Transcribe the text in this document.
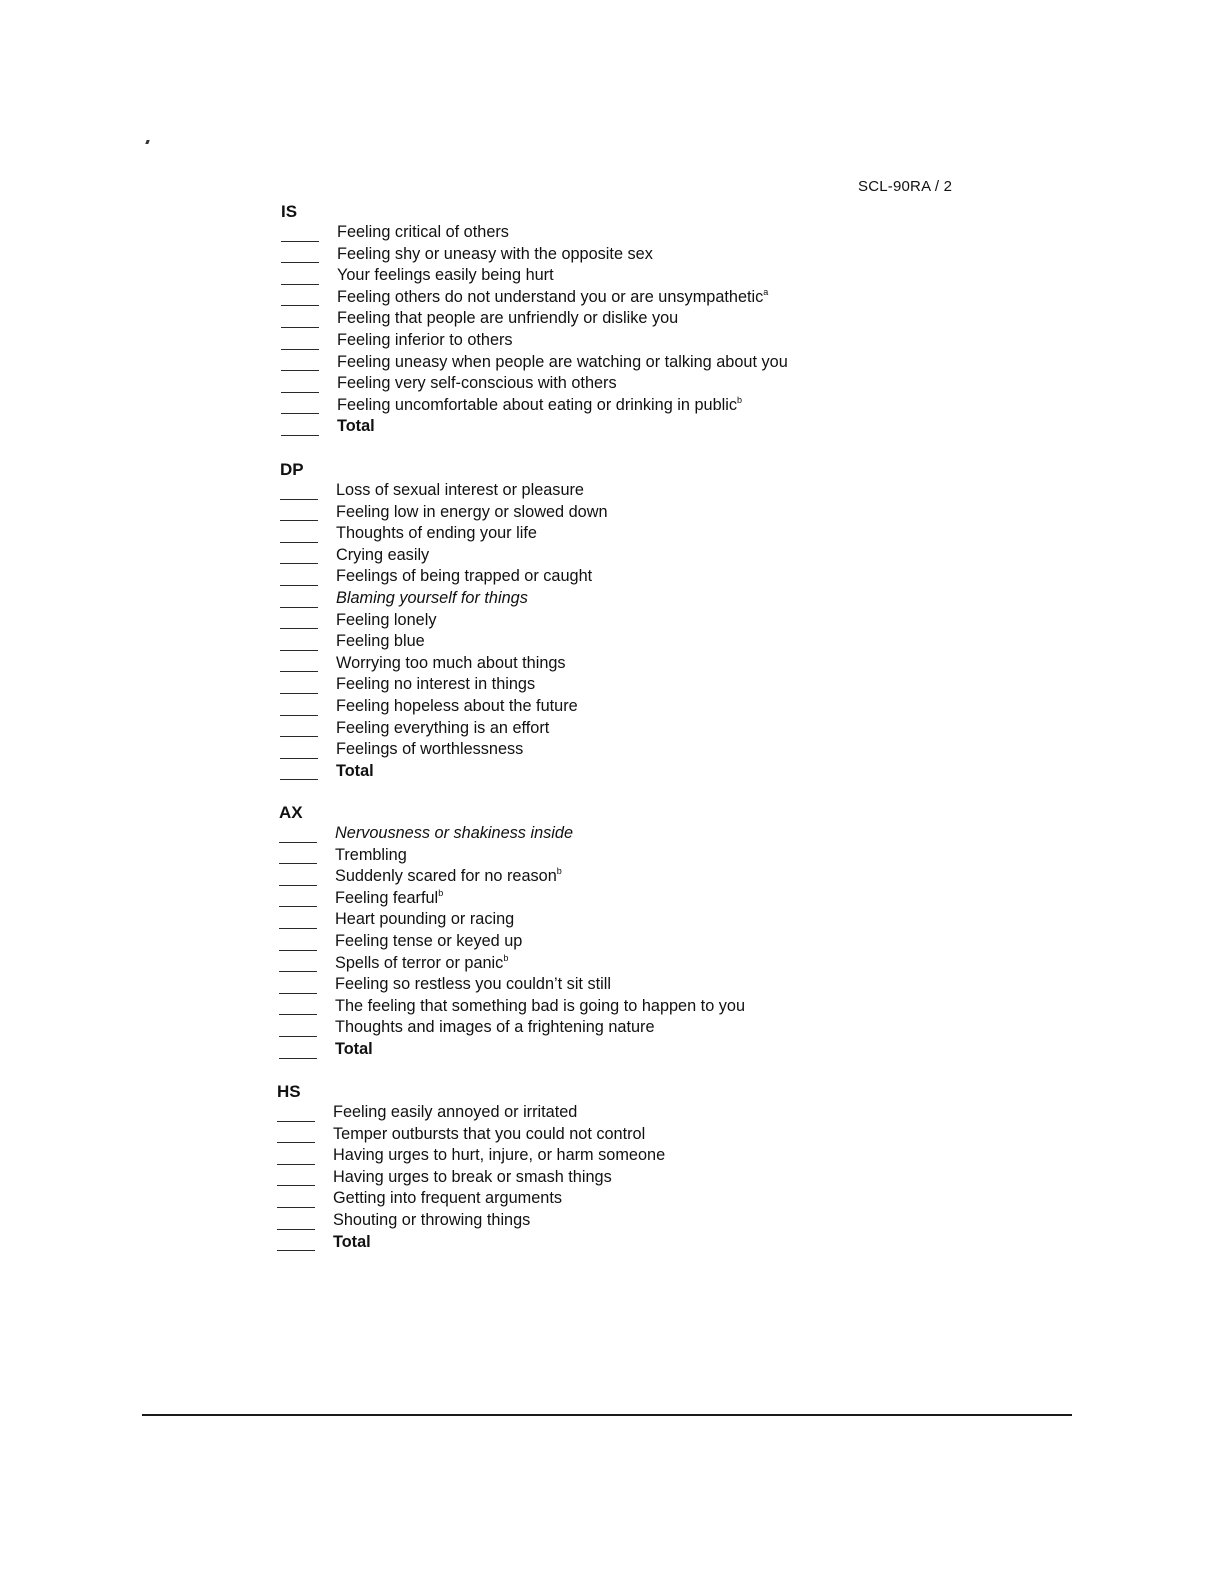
SCL-90RA / 2
IS
Feeling critical of others
Feeling shy or uneasy with the opposite sex
Your feelings easily being hurt
Feeling others do not understand you or are unsympathetic$^a$
Feeling that people are unfriendly or dislike you
Feeling inferior to others
Feeling uneasy when people are watching or talking about you
Feeling very self-conscious with others
Feeling uncomfortable about eating or drinking in public$^b$
Total
DP
Loss of sexual interest or pleasure
Feeling low in energy or slowed down
Thoughts of ending your life
Crying easily
Feelings of being trapped or caught
Blaming yourself for things
Feeling lonely
Feeling blue
Worrying too much about things
Feeling no interest in things
Feeling hopeless about the future
Feeling everything is an effort
Feelings of worthlessness
Total
AX
Nervousness or shakiness inside
Trembling
Suddenly scared for no reason$^b$
Feeling fearful$^b$
Heart pounding or racing
Feeling tense or keyed up
Spells of terror or panic$^b$
Feeling so restless you couldn’t sit still
The feeling that something bad is going to happen to you
Thoughts and images of a frightening nature
Total
HS
Feeling easily annoyed or irritated
Temper outbursts that you could not control
Having urges to hurt, injure, or harm someone
Having urges to break or smash things
Getting into frequent arguments
Shouting or throwing things
Total
